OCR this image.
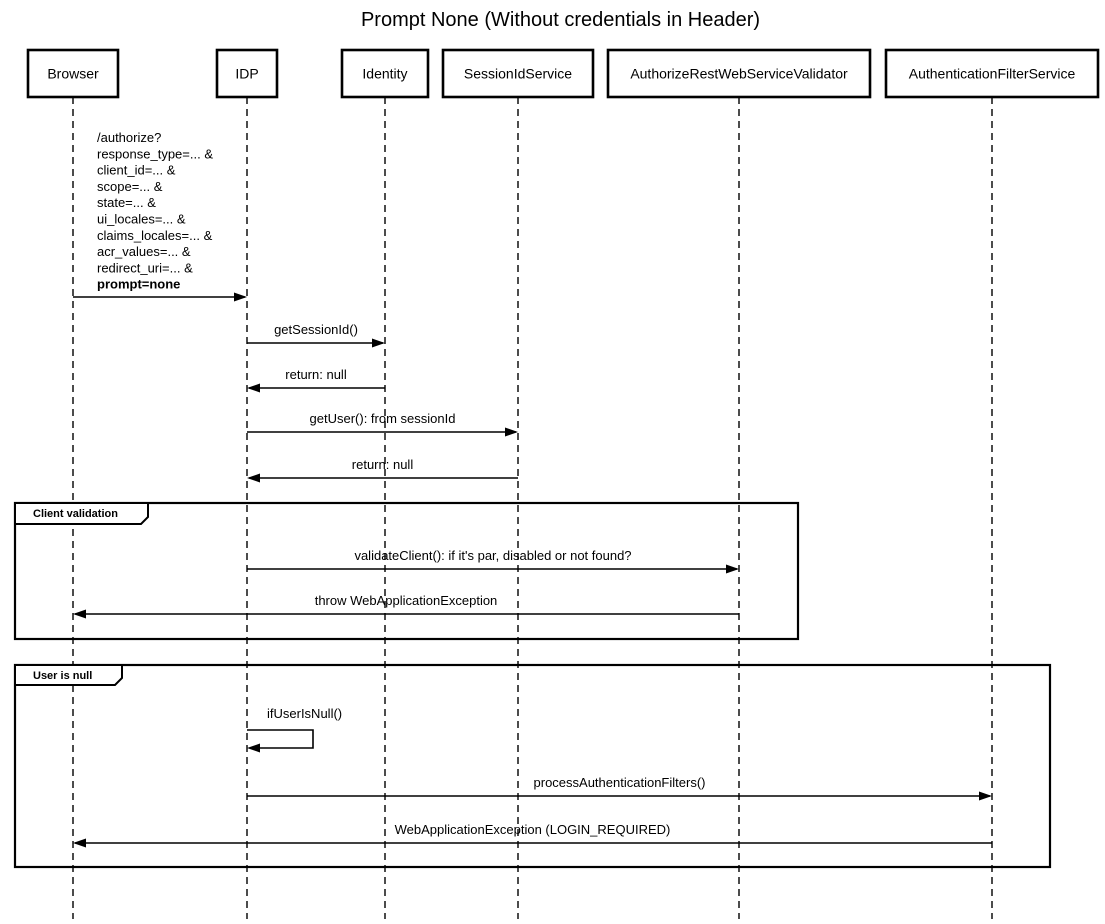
Prompt None (Without credentials in Header)
Client validation
User is null
/authorize? response_type=... & client_id=... & scope=... & state=... & ui_locales=... & claims_locales=... & acr_values=... & redirect_uri=... & prompt=none
getSessionId()
return: null
getUser(): from sessionId
return: null
validateClient(): if it's par, disabled or not found?
throw WebApplicationException
ifUserIsNull()
processAuthenticationFilters()
WebApplicationException (LOGIN_REQUIRED)
Browser	IDP	Identity	SessionIdService	AuthorizeRestWebServiceValidator	AuthenticationFilterService
